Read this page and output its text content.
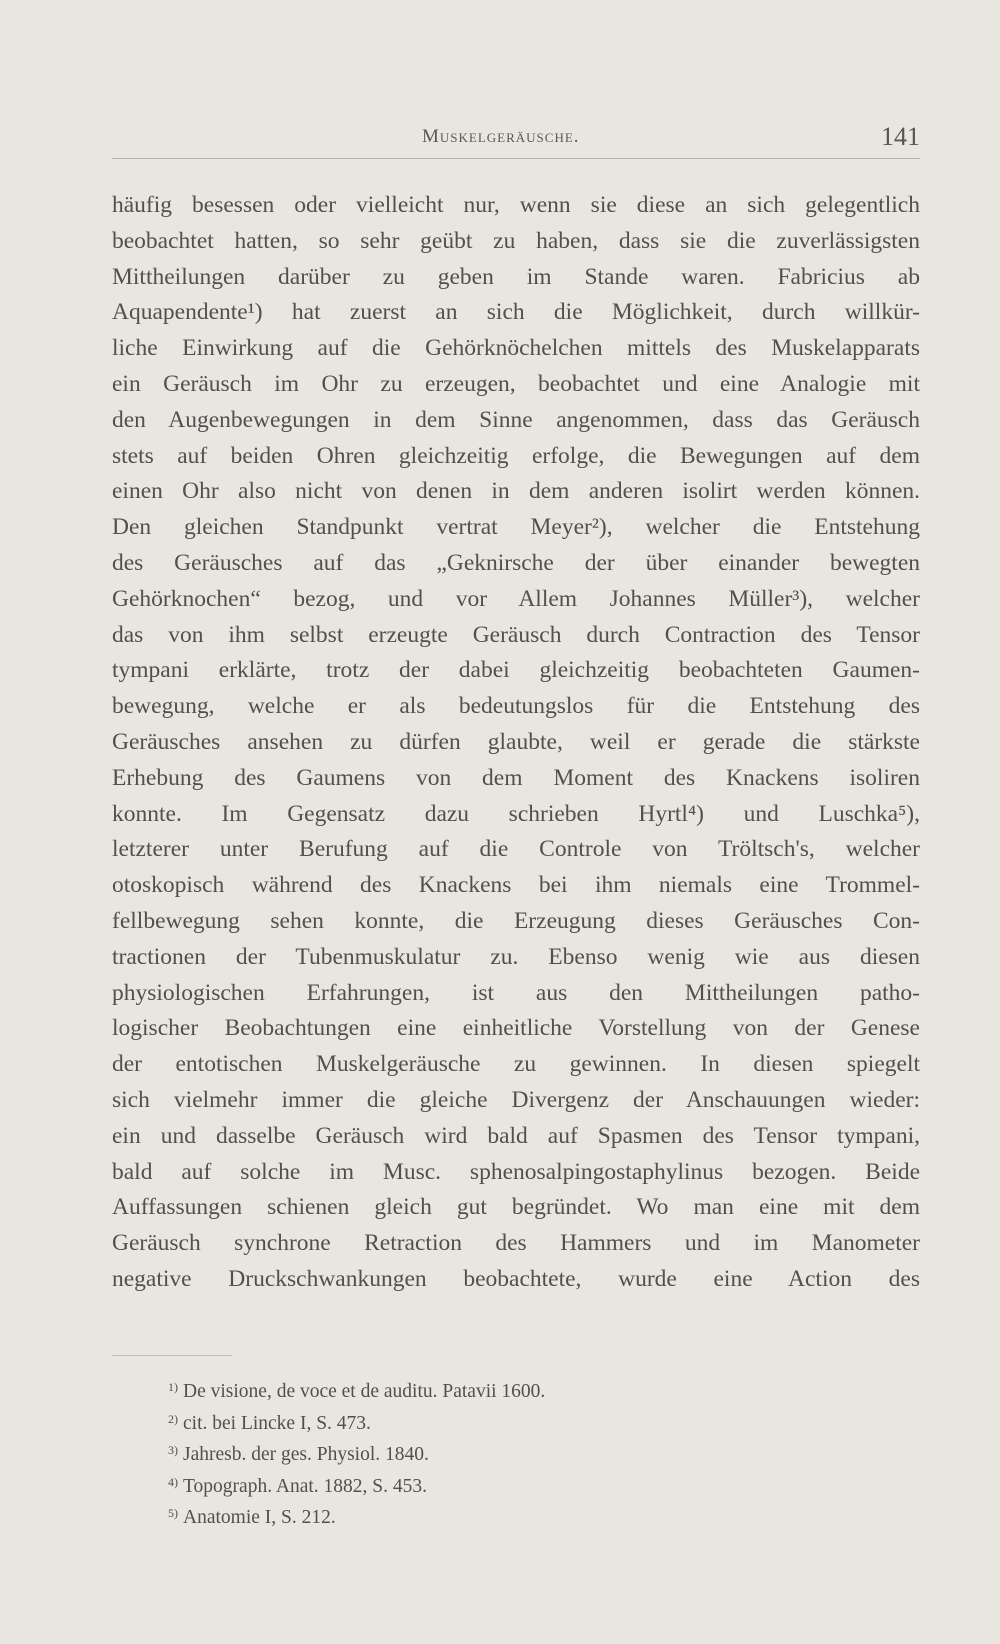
Muskelgeräusche.	141
häufig besessen oder vielleicht nur, wenn sie diese an sich gelegentlich
beobachtet hatten, so sehr geübt zu haben, dass sie die zuverlässigsten
Mittheilungen darüber zu geben im Stande waren. Fabricius ab
Aquapendente¹) hat zuerst an sich die Möglichkeit, durch willkür-
liche Einwirkung auf die Gehörknöchelchen mittels des Muskelapparats
ein Geräusch im Ohr zu erzeugen, beobachtet und eine Analogie mit
den Augenbewegungen in dem Sinne angenommen, dass das Geräusch
stets auf beiden Ohren gleichzeitig erfolge, die Bewegungen auf dem
einen Ohr also nicht von denen in dem anderen isolirt werden können.
Den gleichen Standpunkt vertrat Meyer²), welcher die Entstehung
des Geräusches auf das „Geknirsche der über einander bewegten
Gehörknochen“ bezog, und vor Allem Johannes Müller³), welcher
das von ihm selbst erzeugte Geräusch durch Contraction des Tensor
tympani erklärte, trotz der dabei gleichzeitig beobachteten Gaumen-
bewegung, welche er als bedeutungslos für die Entstehung des
Geräusches ansehen zu dürfen glaubte, weil er gerade die stärkste
Erhebung des Gaumens von dem Moment des Knackens isoliren
konnte. Im Gegensatz dazu schrieben Hyrtl⁴) und Luschka⁵),
letzterer unter Berufung auf die Controle von Tröltsch's, welcher
otoskopisch während des Knackens bei ihm niemals eine Trommel-
fellbewegung sehen konnte, die Erzeugung dieses Geräusches Con-
tractionen der Tubenmuskulatur zu. Ebenso wenig wie aus diesen
physiologischen Erfahrungen, ist aus den Mittheilungen patho-
logischer Beobachtungen eine einheitliche Vorstellung von der Genese
der entotischen Muskelgeräusche zu gewinnen. In diesen spiegelt
sich vielmehr immer die gleiche Divergenz der Anschauungen wieder:
ein und dasselbe Geräusch wird bald auf Spasmen des Tensor tympani,
bald auf solche im Musc. sphenosalpingostaphylinus bezogen. Beide
Auffassungen schienen gleich gut begründet. Wo man eine mit dem
Geräusch synchrone Retraction des Hammers und im Manometer
negative Druckschwankungen beobachtete, wurde eine Action des
$^{1)}$ De visione, de voce et de auditu. Patavii 1600.
$^{2)}$ cit. bei Lincke I, S. 473.
$^{3)}$ Jahresb. der ges. Physiol. 1840.
$^{4)}$ Topograph. Anat. 1882, S. 453.
$^{5)}$ Anatomie I, S. 212.
